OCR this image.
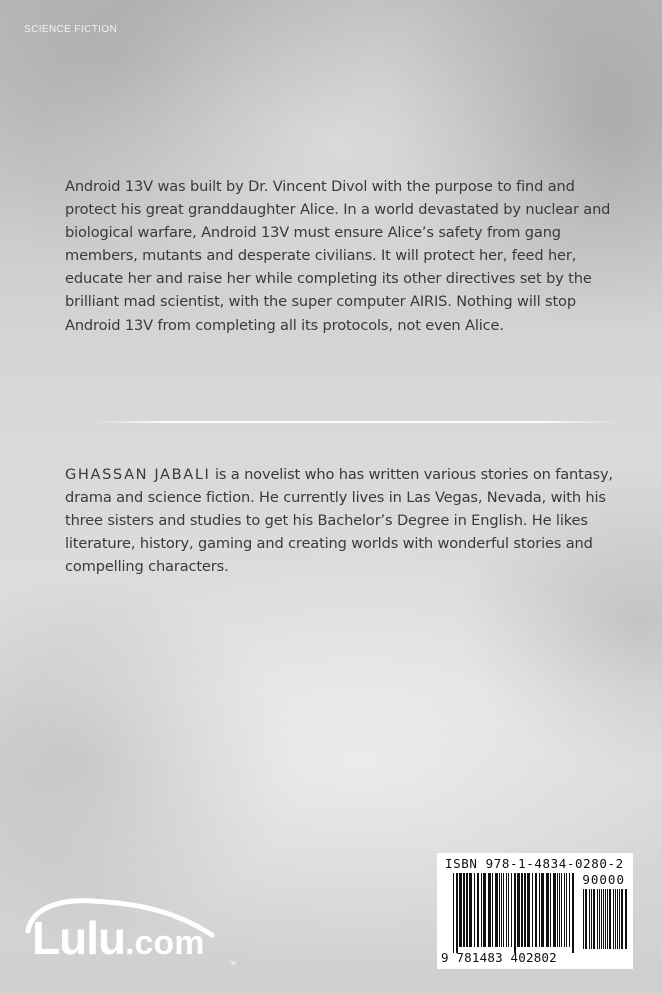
SCIENCE FICTION

Android 13V was built by Dr. Vincent Divol with the purpose to find and protect his great granddaughter Alice. In a world devastated by nuclear and biological warfare, Android 13V must ensure Alice’s safety from gang members, mutants and desperate civilians. It will protect her, feed her, educate her and raise her while completing its other directives set by the brilliant mad scientist, with the super computer AIRIS. Nothing will stop Android 13V from completing all its protocols, not even Alice.

GHASSAN JABALI is a novelist who has written various stories on fantasy, drama and science fiction. He currently lives in Las Vegas, Nevada, with his three sisters and studies to get his Bachelor’s Degree in English. He likes literature, history, gaming and creating worlds with wonderful stories and compelling characters.

Lulu.com
TM
ISBN 978-1-4834-0280-2
90000
9 781483 402802
